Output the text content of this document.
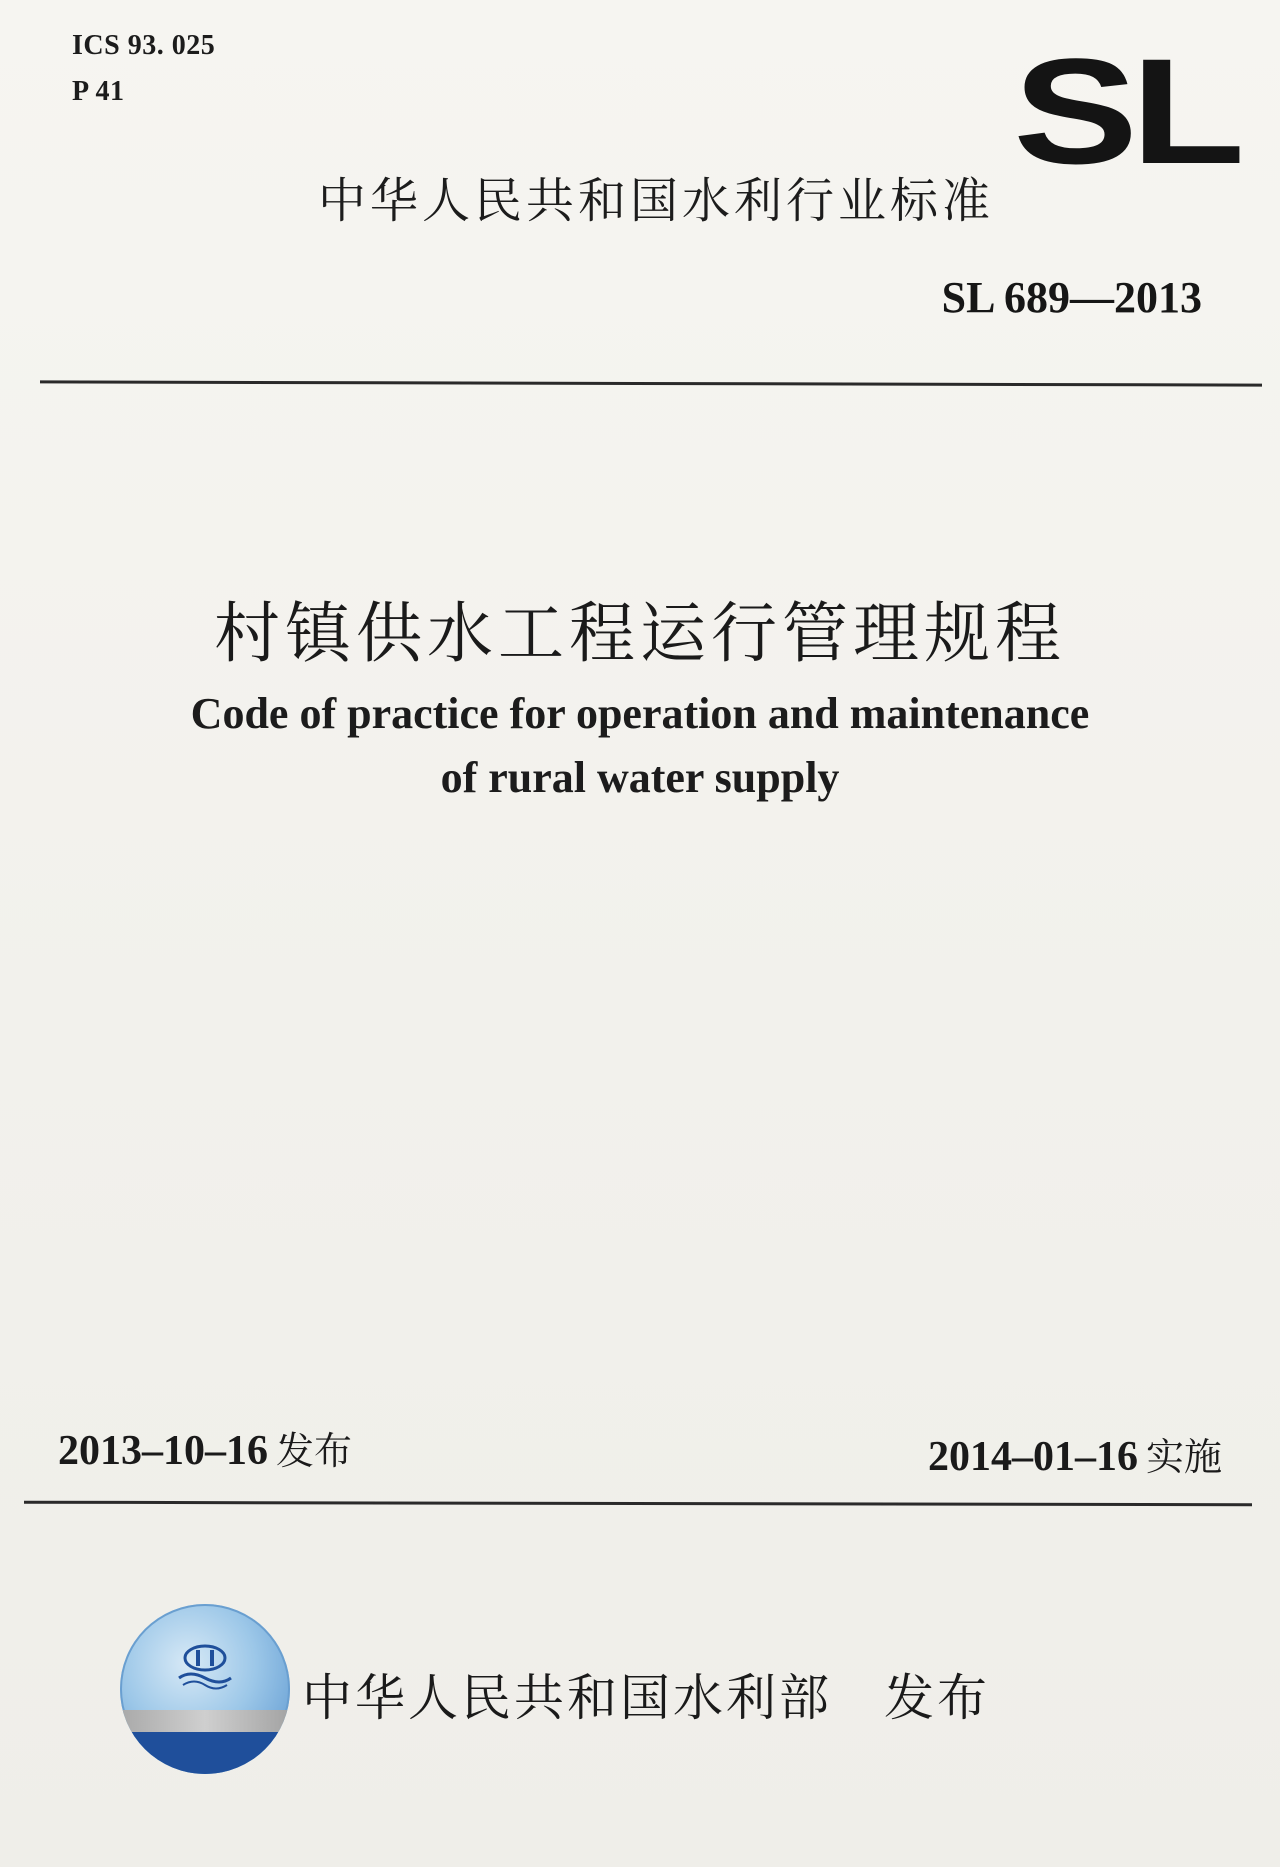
ICS 93. 025
P 41	SL
中华人民共和国水利行业标准
SL 689—2013
村镇供水工程运行管理规程
Code of practice for operation and maintenance
of rural water supply
2013–10–16 发布	2014–01–16 实施
中华人民共和国水利部 发布
